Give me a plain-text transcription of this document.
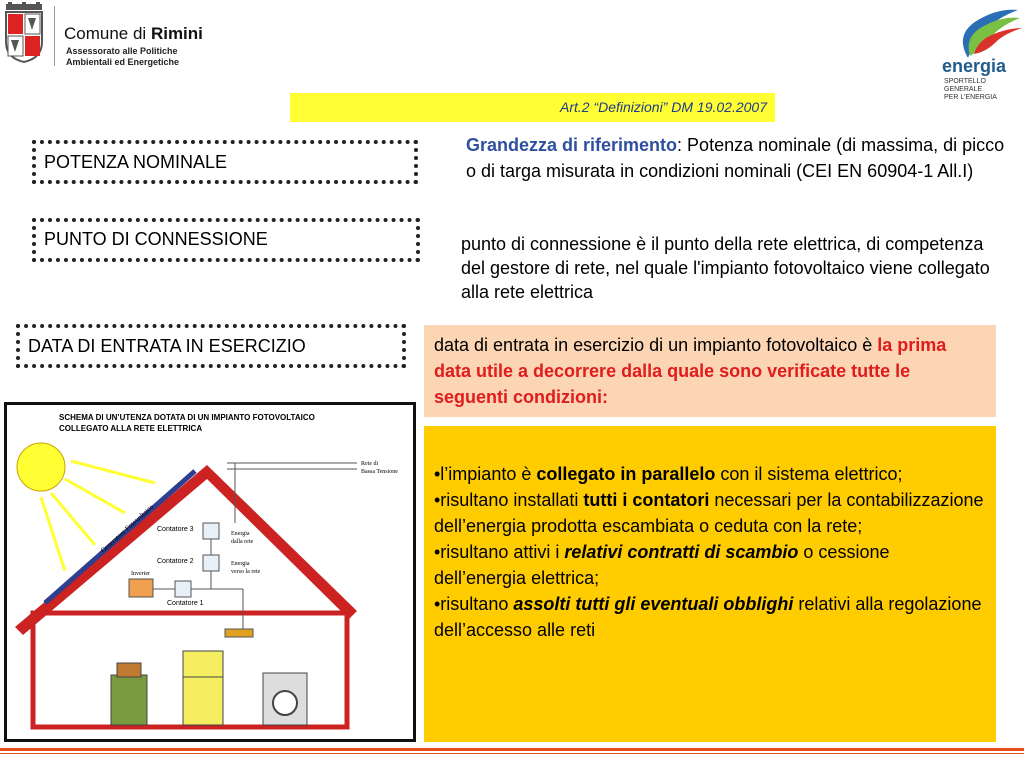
Comune di Rimini
Assessorato alle Politiche
Ambientali ed Energetiche	energia
SPORTELLO
GENERALE
PER L’ENERGIA
Art.2 “Definizioni” DM 19.02.2007
POTENZA NOMINALE
PUNTO DI CONNESSIONE
DATA DI ENTRATA IN ESERCIZIO
Grandezza di riferimento: Potenza nominale (di massima, di picco o di targa misurata in condizioni nominali (CEI EN 60904-1 All.I)
punto di connessione è il punto della rete elettrica, di competenza del gestore di rete, nel quale l'impianto fotovoltaico viene collegato alla rete elettrica
data di entrata in esercizio di un impianto fotovoltaico è la prima data utile a decorrere dalla quale sono verificate tutte le seguenti condizioni:

•l’impianto è collegato in parallelo con il sistema elettrico;

•risultano installati tutti i contatori necessari per la contabilizzazione dell’energia prodotta escambiata o ceduta con la rete;

•risultano attivi i relativi contratti di scambio o cessione dell’energia elettrica;

•risultano assolti tutti gli eventuali obblighi relativi alla regolazione dell’accesso alle reti

SCHEMA DI UN’UTENZA DOTATA DI UN IMPIANTO FOTOVOLTAICO
COLLEGATO ALLA RETE ELETTRICA
Generatore Fotovoltaico
Rete di
Bassa Tensione
Contatore 3
Contatore 2
Contatore 1
Energia
dalla rete
Energia
verso la rete
Inverter
